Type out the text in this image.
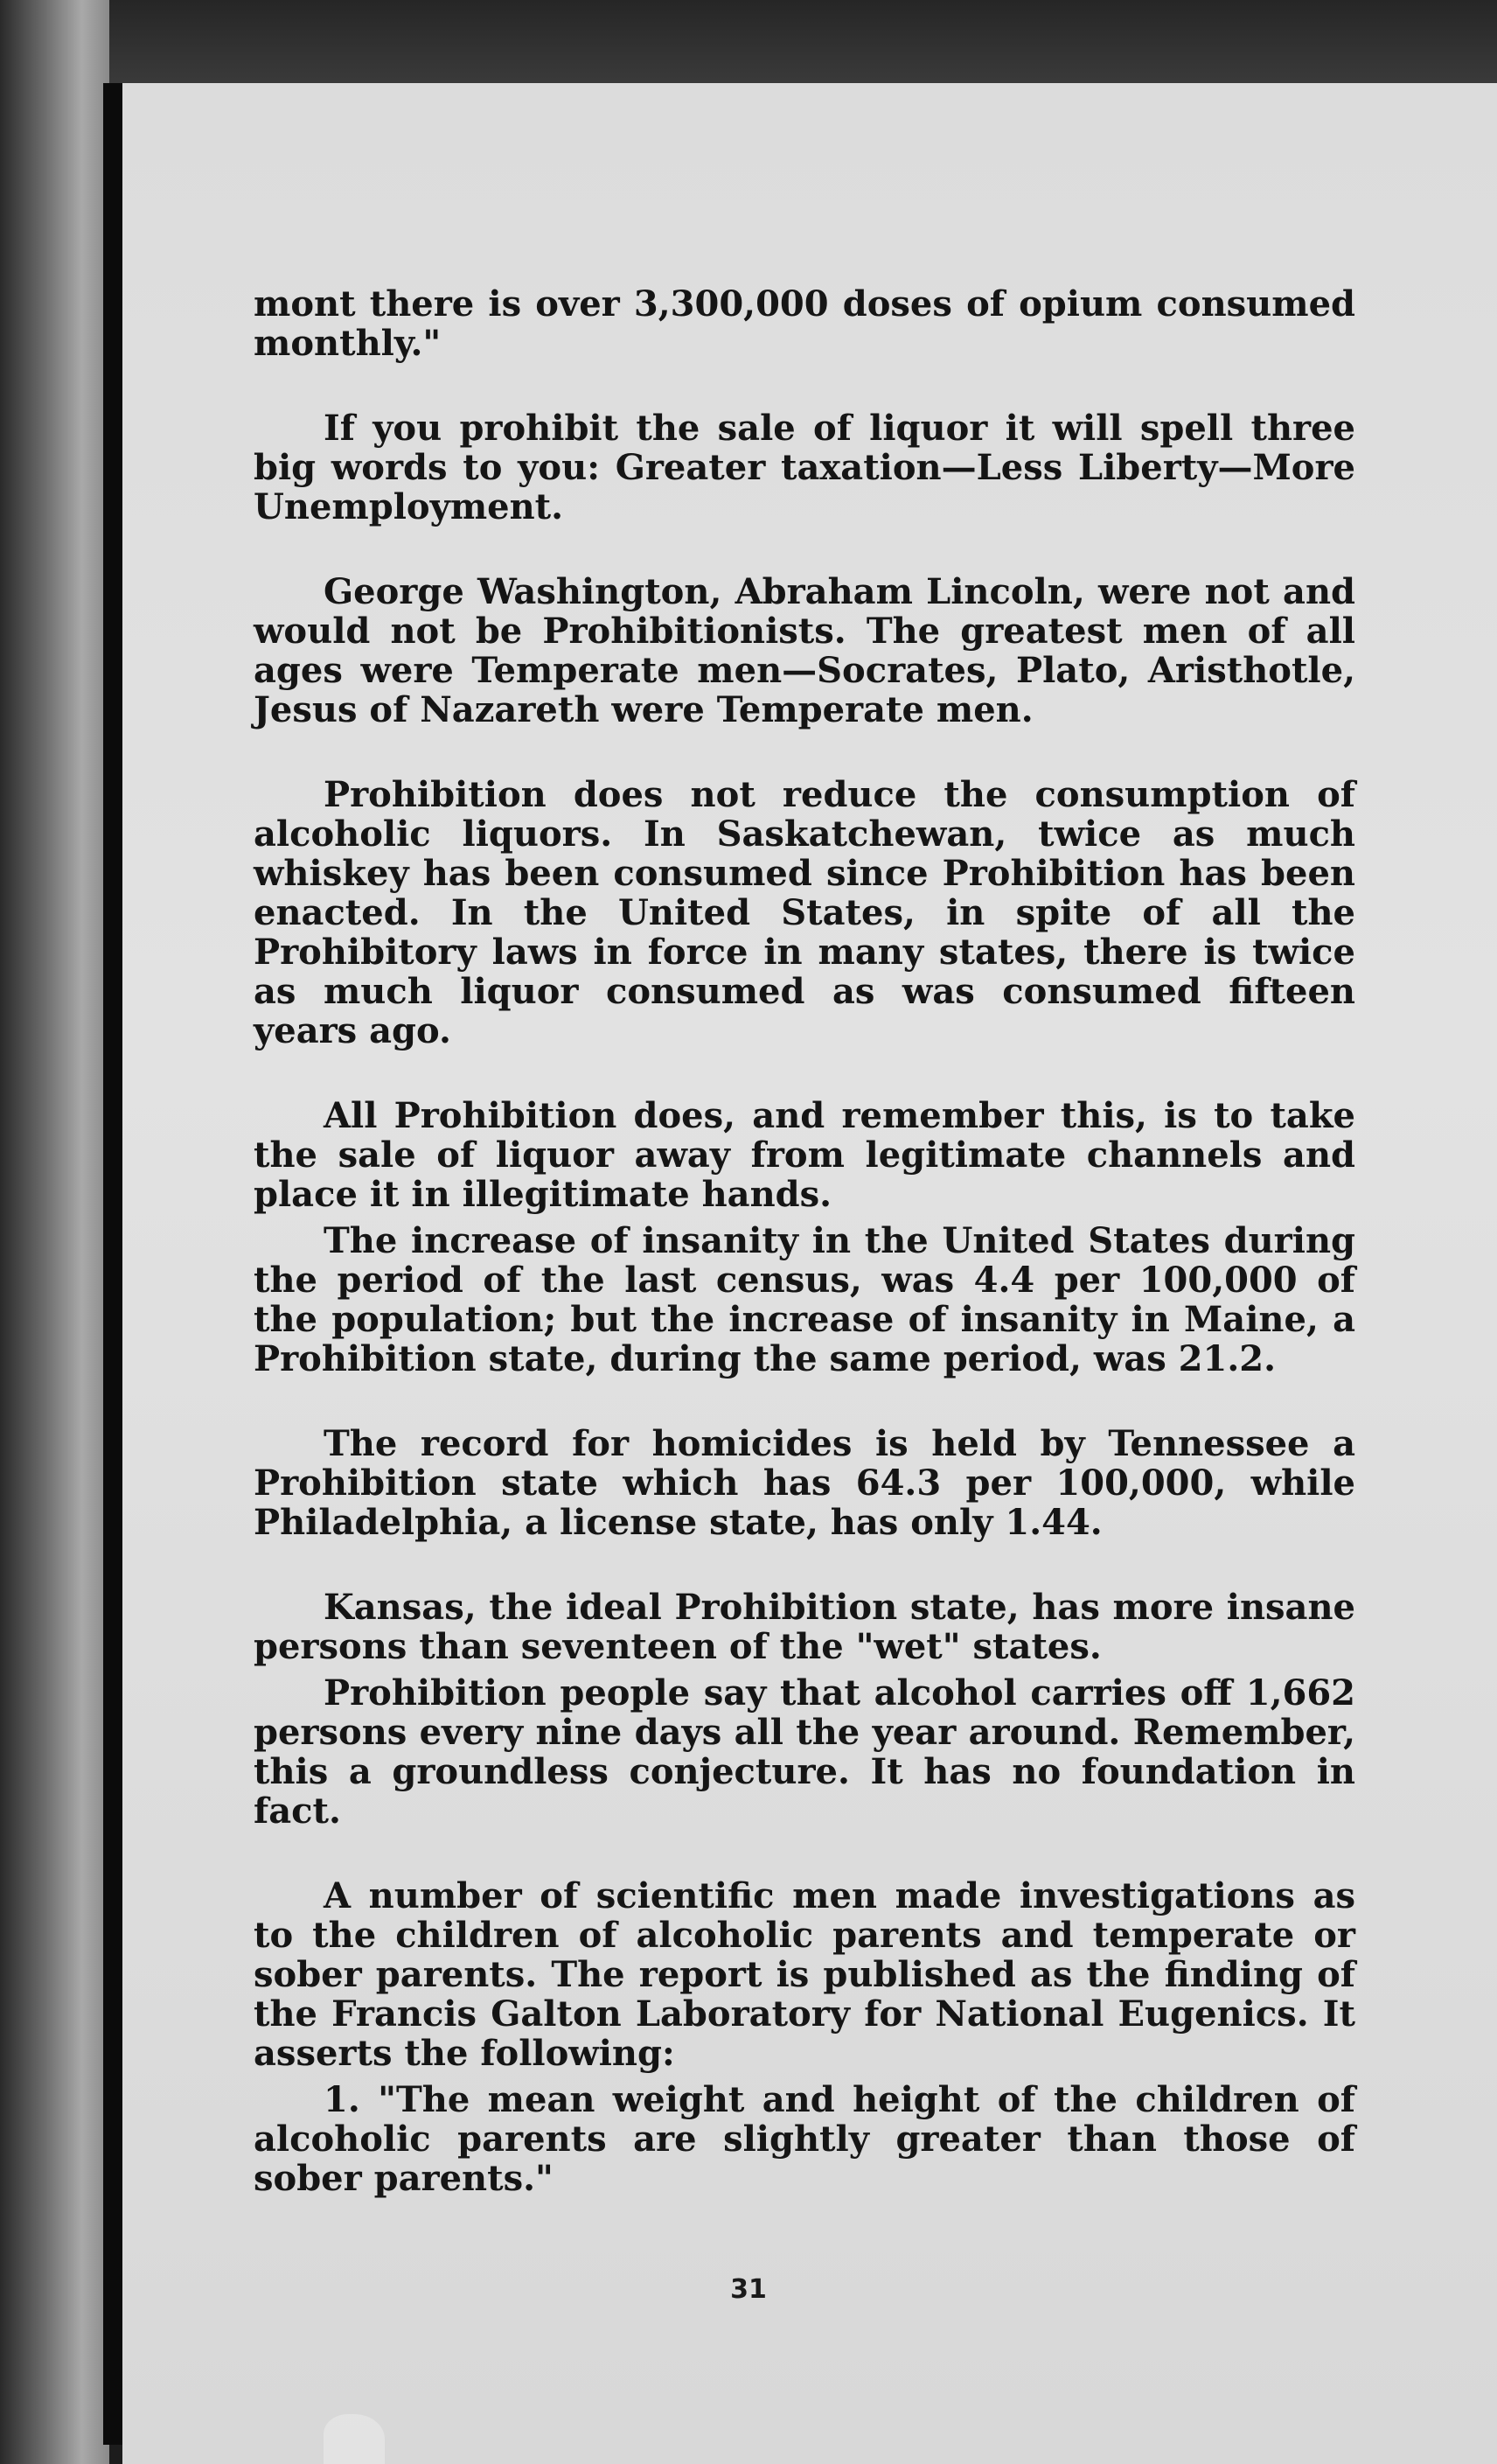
mont there is over 3,300,000 doses of opium consumed monthly."

If you prohibit the sale of liquor it will spell three big words to you: Greater taxation—Less Liberty—More Unemployment.

George Washington, Abraham Lincoln, were not and would not be Prohibitionists. The greatest men of all ages were Temperate men—Socrates, Plato, Aristhotle, Jesus of Nazareth were Temperate men.

Prohibition does not reduce the consumption of alcoholic liquors. In Saskatchewan, twice as much whiskey has been consumed since Prohibition has been enacted. In the United States, in spite of all the Prohibitory laws in force in many states, there is twice as much liquor consumed as was consumed fifteen years ago.

All Prohibition does, and remember this, is to take the sale of liquor away from legitimate channels and place it in illegitimate hands.

The increase of insanity in the United States during the period of the last census, was 4.4 per 100,000 of the population; but the increase of insanity in Maine, a Prohibition state, during the same period, was 21.2.

The record for homicides is held by Tennessee a Prohibition state which has 64.3 per 100,000, while Philadelphia, a license state, has only 1.44.

Kansas, the ideal Prohibition state, has more insane persons than seventeen of the "wet" states.

Prohibition people say that alcohol carries off 1,662 persons every nine days all the year around. Remember, this a groundless conjecture. It has no foundation in fact.

A number of scientific men made investigations as to the children of alcoholic parents and temperate or sober parents. The report is published as the finding of the Francis Galton Laboratory for National Eugenics. It asserts the following:

1. "The mean weight and height of the children of alcoholic parents are slightly greater than those of sober parents."

31
